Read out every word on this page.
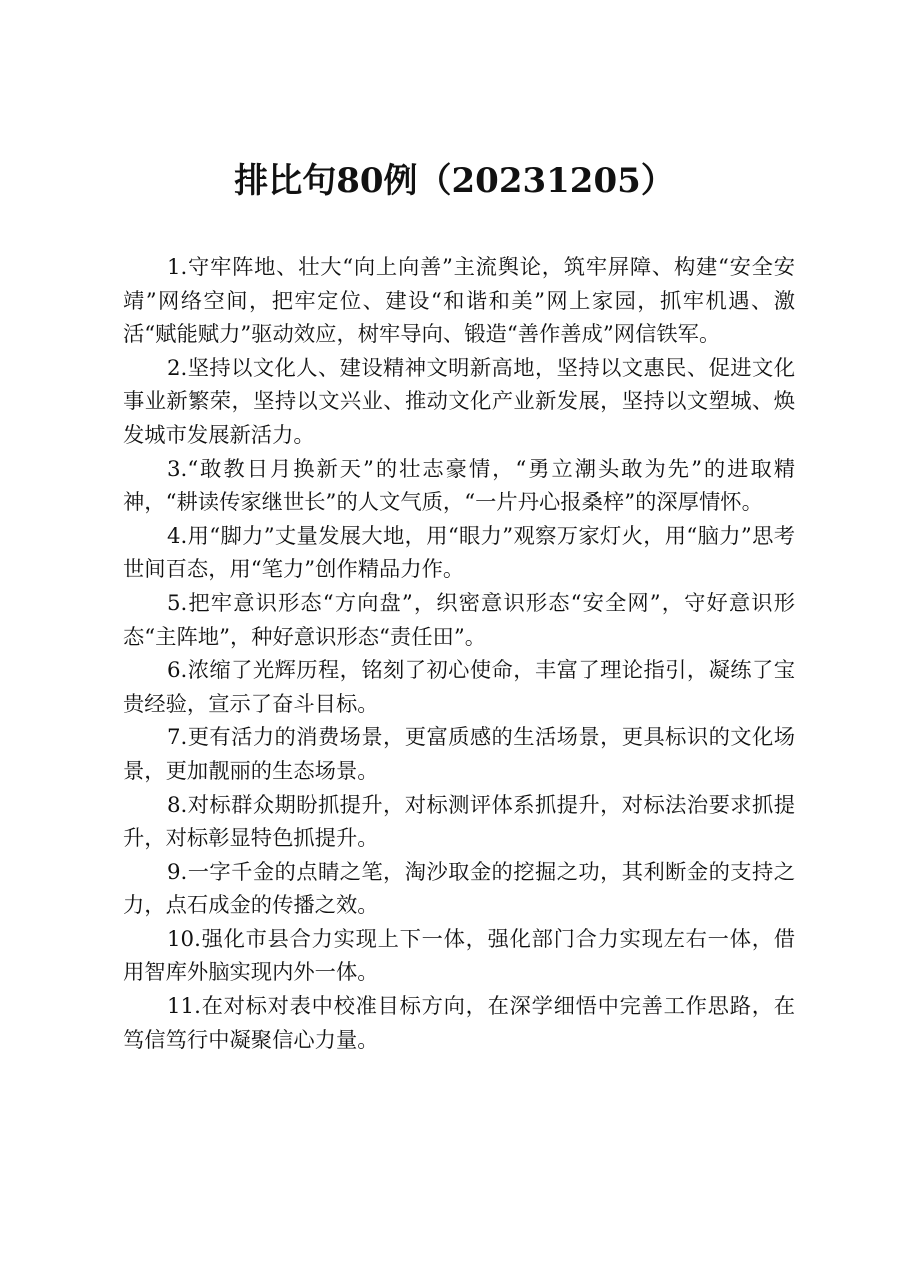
排比句80例（20231205）

1.守牢阵地、壮大“向上向善”主流舆论，筑牢屏障、构建“安全安靖”网络空间，把牢定位、建设“和谐和美”网上家园，抓牢机遇、激活“赋能赋力”驱动效应，树牢导向、锻造“善作善成”网信铁军。

2.坚持以文化人、建设精神文明新高地，坚持以文惠民、促进文化事业新繁荣，坚持以文兴业、推动文化产业新发展，坚持以文塑城、焕发城市发展新活力。

3.“敢教日月换新天”的壮志豪情，“勇立潮头敢为先”的进取精神，“耕读传家继世长”的人文气质，“一片丹心报桑梓”的深厚情怀。

4.用“脚力”丈量发展大地，用“眼力”观察万家灯火，用“脑力”思考世间百态，用“笔力”创作精品力作。

5.把牢意识形态“方向盘”，织密意识形态“安全网”，守好意识形态“主阵地”，种好意识形态“责任田”。

6.浓缩了光辉历程，铭刻了初心使命，丰富了理论指引，凝练了宝贵经验，宣示了奋斗目标。

7.更有活力的消费场景，更富质感的生活场景，更具标识的文化场景，更加靓丽的生态场景。

8.对标群众期盼抓提升，对标测评体系抓提升，对标法治要求抓提升，对标彰显特色抓提升。

9.一字千金的点睛之笔，淘沙取金的挖掘之功，其利断金的支持之力，点石成金的传播之效。

10.强化市县合力实现上下一体，强化部门合力实现左右一体，借用智库外脑实现内外一体。

11.在对标对表中校准目标方向，在深学细悟中完善工作思路，在笃信笃行中凝聚信心力量。
